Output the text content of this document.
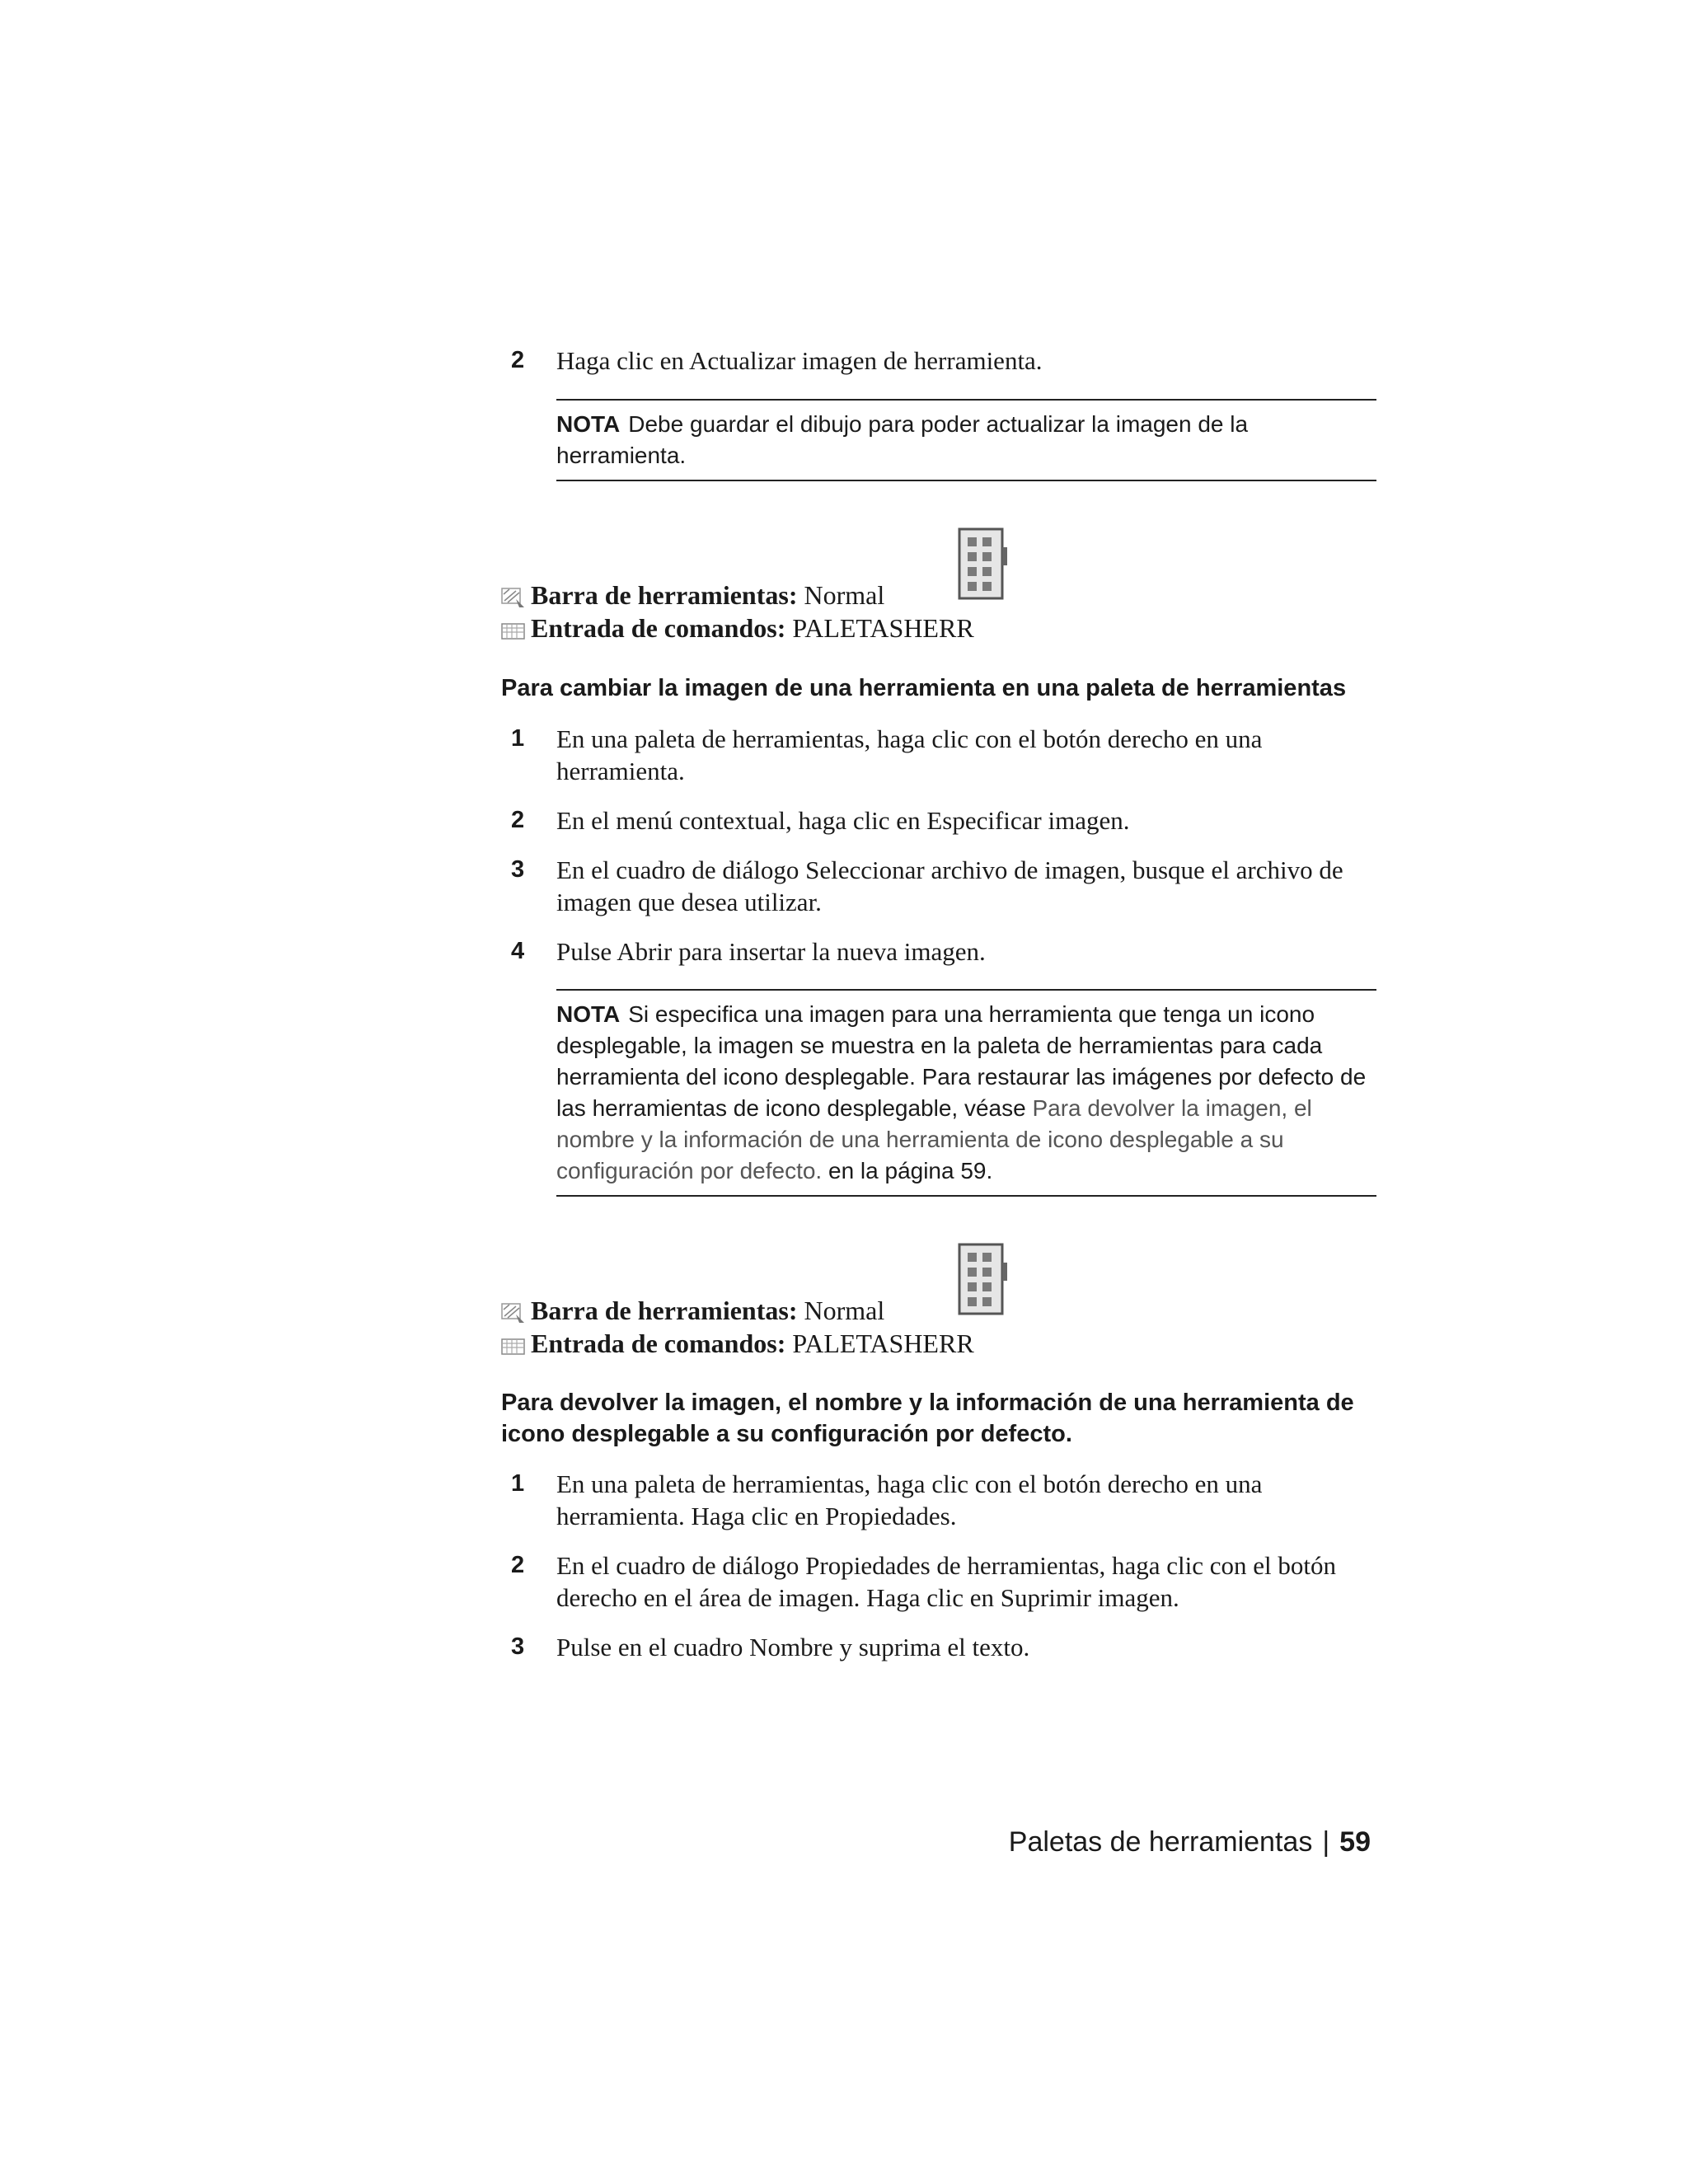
2 Haga clic en Actualizar imagen de herramienta.
NOTA Debe guardar el dibujo para poder actualizar la imagen de la herramienta.
Barra de herramientas: Normal
Entrada de comandos: PALETASHERR
Para cambiar la imagen de una herramienta en una paleta de herramientas
1 En una paleta de herramientas, haga clic con el botón derecho en una herramienta.
2 En el menú contextual, haga clic en Especificar imagen.
3 En el cuadro de diálogo Seleccionar archivo de imagen, busque el archivo de imagen que desea utilizar.
4 Pulse Abrir para insertar la nueva imagen.
NOTA Si especifica una imagen para una herramienta que tenga un icono desplegable, la imagen se muestra en la paleta de herramientas para cada herramienta del icono desplegable. Para restaurar las imágenes por defecto de las herramientas de icono desplegable, véase Para devolver la imagen, el nombre y la información de una herramienta de icono desplegable a su configuración por defecto. en la página 59.
Barra de herramientas: Normal
Entrada de comandos: PALETASHERR
Para devolver la imagen, el nombre y la información de una herramienta de icono desplegable a su configuración por defecto.
1 En una paleta de herramientas, haga clic con el botón derecho en una herramienta. Haga clic en Propiedades.
2 En el cuadro de diálogo Propiedades de herramientas, haga clic con el botón derecho en el área de imagen. Haga clic en Suprimir imagen.
3 Pulse en el cuadro Nombre y suprima el texto.
Paletas de herramientas | 59
